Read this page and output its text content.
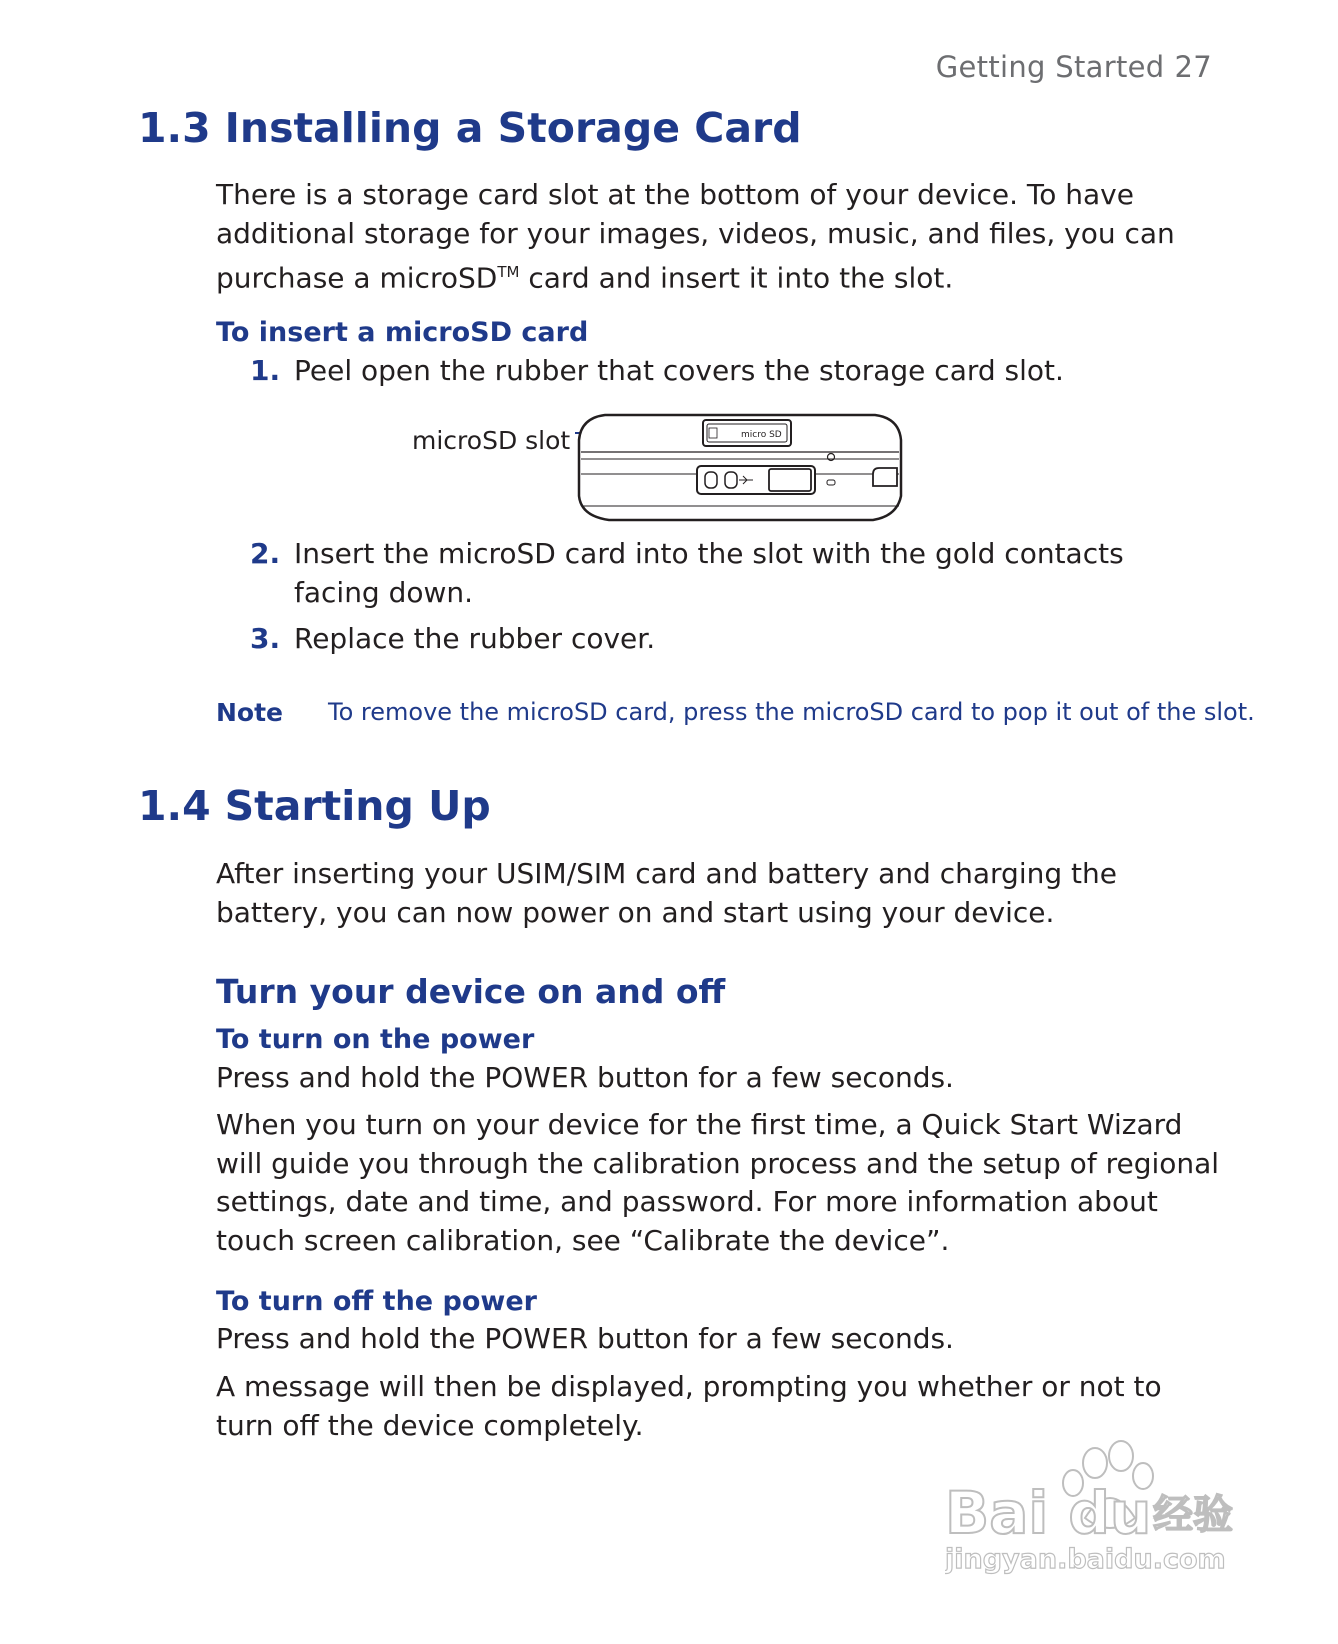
Getting Started 27
1.3 Installing a Storage Card

There is a storage card slot at the bottom of your device. To have additional storage for your images, videos, music, and files, you can purchase a microSD™ card and insert it into the slot.

To insert a microSD card
1. Peel open the rubber that covers the storage card slot.
microSD slot	micro SD
2. Insert the microSD card into the slot with the gold contacts facing down.
3. Replace the rubber cover.
Note To remove the microSD card, press the microSD card to pop it out of the slot.
1.4 Starting Up

After inserting your USIM/SIM card and battery and charging the battery, you can now power on and start using your device.

Turn your device on and off
To turn on the power

Press and hold the POWER button for a few seconds.

When you turn on your device for the first time, a Quick Start Wizard will guide you through the calibration process and the setup of regional settings, date and time, and password. For more information about touch screen calibration, see “Calibrate the device”.

To turn off the power

Press and hold the POWER button for a few seconds.

A message will then be displayed, prompting you whether or not to turn off the device completely.

Bai du 经验
jingyan.baidu.com
